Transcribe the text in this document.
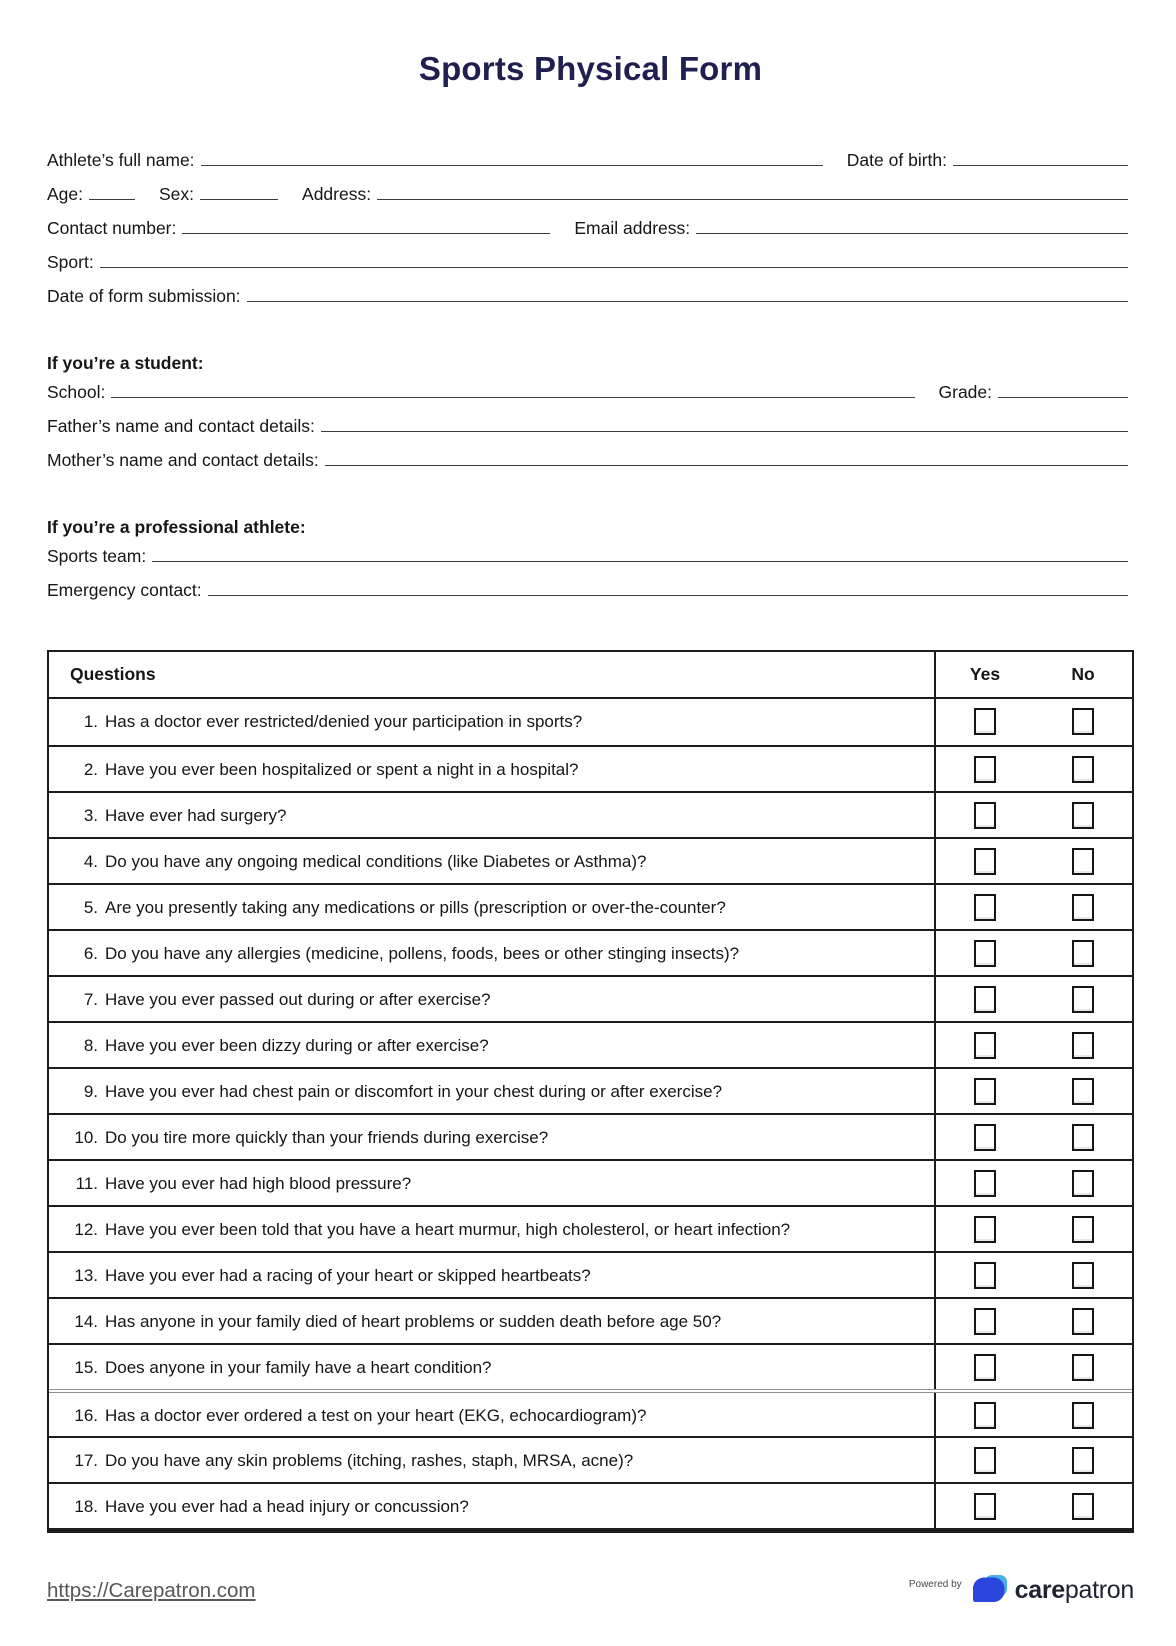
Sports Physical Form
Athlete’s full name:	Date of birth:
Age:	Sex:	Address:
Contact number:	Email address:
Sport:
Date of form submission:
If you’re a student:
School:	Grade:
Father’s name and contact details:
Mother’s name and contact details:
If you’re a professional athlete:
Sports team:
Emergency contact:
Questions	Yes	No
1. Has a doctor ever restricted/denied your participation in sports?
2. Have you ever been hospitalized or spent a night in a hospital?
3. Have ever had surgery?
4. Do you have any ongoing medical conditions (like Diabetes or Asthma)?
5. Are you presently taking any medications or pills (prescription or over-the-counter?
6. Do you have any allergies (medicine, pollens, foods, bees or other stinging insects)?
7. Have you ever passed out during or after exercise?
8. Have you ever been dizzy during or after exercise?
9. Have you ever had chest pain or discomfort in your chest during or after exercise?
10. Do you tire more quickly than your friends during exercise?
11. Have you ever had high blood pressure?
12. Have you ever been told that you have a heart murmur, high cholesterol, or heart infection?
13. Have you ever had a racing of your heart or skipped heartbeats?
14. Has anyone in your family died of heart problems or sudden death before age 50?
15. Does anyone in your family have a heart condition?
16. Has a doctor ever ordered a test on your heart (EKG, echocardiogram)?
17. Do you have any skin problems (itching, rashes, staph, MRSA, acne)?
18. Have you ever had a head injury or concussion?
https://Carepatron.com	Powered by carepatron
